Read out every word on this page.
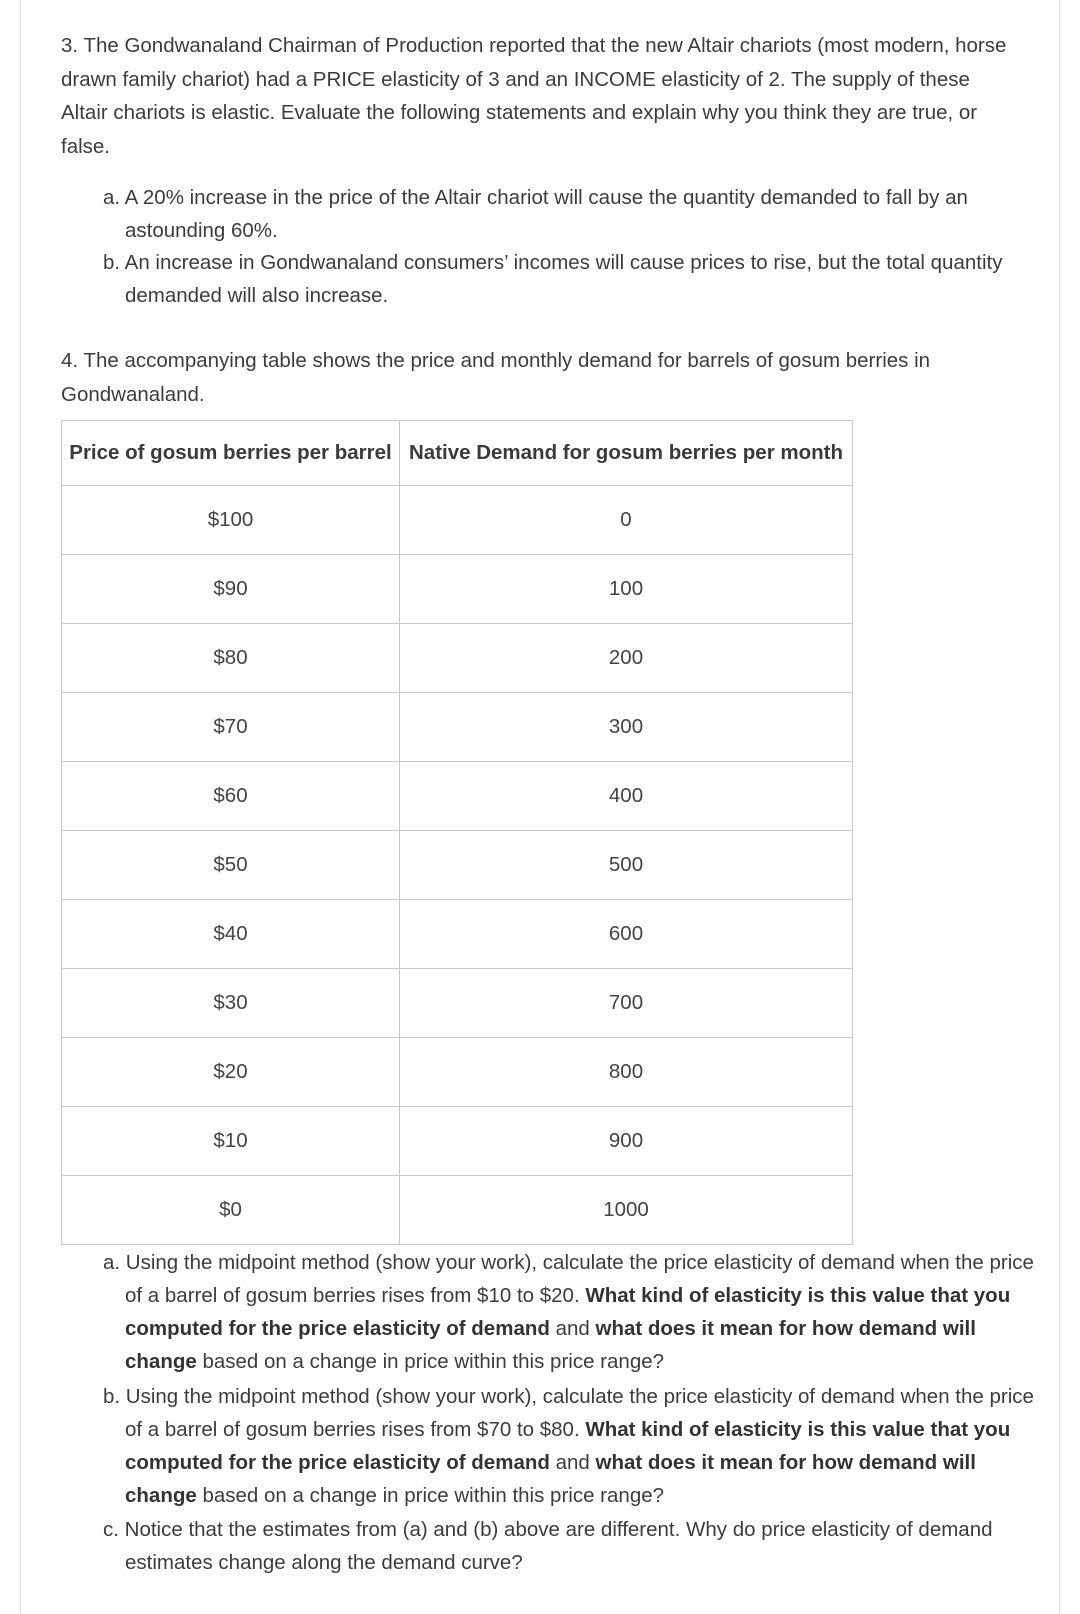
3. The Gondwanaland Chairman of Production reported that the new Altair chariots (most modern, horse drawn family chariot) had a PRICE elasticity of 3 and an INCOME elasticity of 2. The supply of these Altair chariots is elastic. Evaluate the following statements and explain why you think they are true, or false.

a. A 20% increase in the price of the Altair chariot will cause the quantity demanded to fall by an astounding 60%.

b. An increase in Gondwanaland consumers’ incomes will cause prices to rise, but the total quantity demanded will also increase.

4. The accompanying table shows the price and monthly demand for barrels of gosum berries in Gondwanaland.

Price of gosum berries per barrel	Native Demand for gosum berries per month
$100	0
$90	100
$80	200
$70	300
$60	400
$50	500
$40	600
$30	700
$20	800
$10	900
$0	1000

a. Using the midpoint method (show your work), calculate the price elasticity of demand when the price of a barrel of gosum berries rises from $10 to $20. What kind of elasticity is this value that you computed for the price elasticity of demand and what does it mean for how demand will change based on a change in price within this price range?

b. Using the midpoint method (show your work), calculate the price elasticity of demand when the price of a barrel of gosum berries rises from $70 to $80. What kind of elasticity is this value that you computed for the price elasticity of demand and what does it mean for how demand will change based on a change in price within this price range?

c. Notice that the estimates from (a) and (b) above are different. Why do price elasticity of demand estimates change along the demand curve?
